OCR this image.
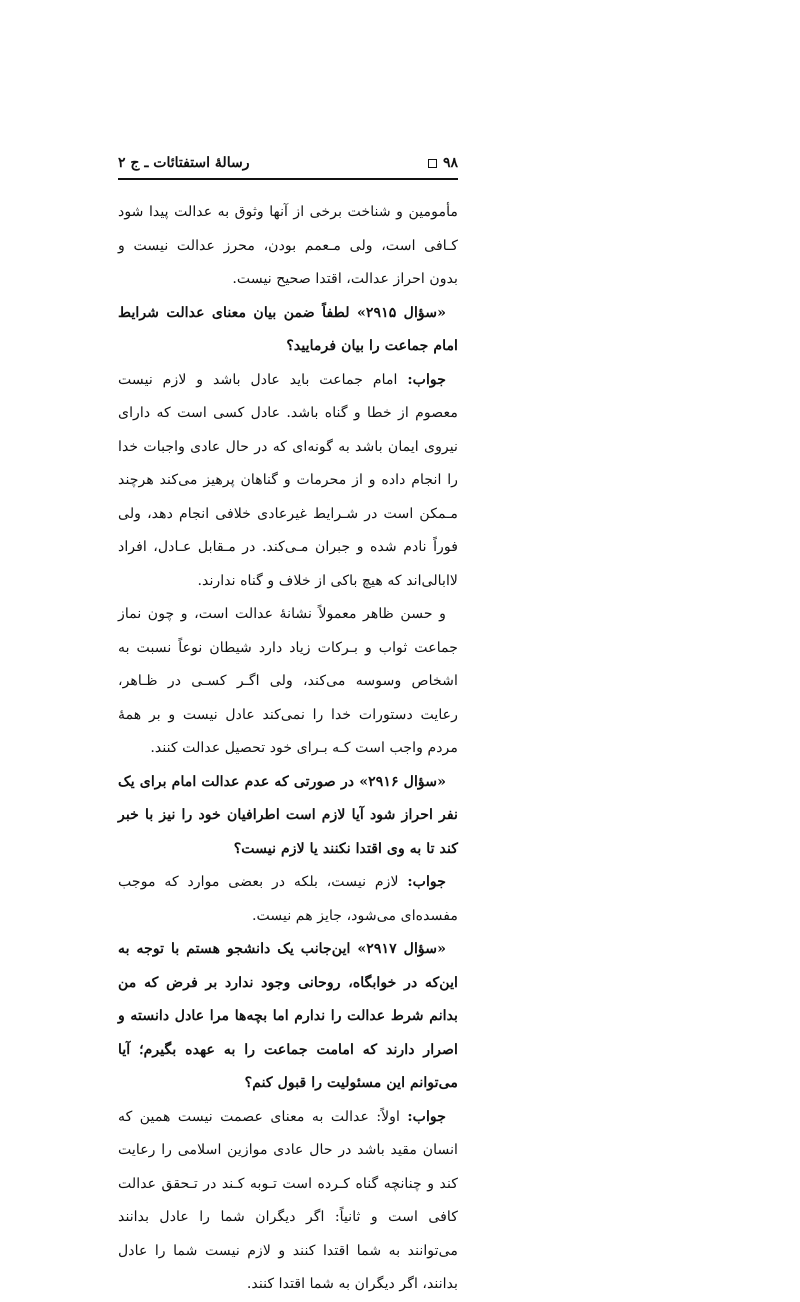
۹۸
رسالهٔ استفتائات ـ ج ۲

مأمومین و شناخت برخی از آنها وثوق به عدالت پیدا شود کـافی است، ولی مـعمم بودن، محرز عدالت نیست و بدون احراز عدالت، اقتدا صحیح نیست.

«سؤال ۲۹۱۵» لطفاً ضمن بیان معنای عدالت شرایط امام جماعت را بیان فرمایید؟

جواب: امام جماعت باید عادل باشد و لازم نیست معصوم از خطا و گناه باشد. عادل کسی است که دارای نیروی ایمان باشد به گونه‌ای که در حال عادی واجبات خدا را انجام داده و از محرمات و گناهان پرهیز می‌کند هرچند مـمکن است در شـرایط غیرعادی خلافی انجام دهد، ولی فوراً نادم شده و جبران مـی‌کند. در مـقابل عـادل، افراد لاابالی‌اند که هیچ باکی از خلاف و گناه ندارند.

و حسن ظاهر معمولاً نشانهٔ عدالت است، و چون نماز جماعت ثواب و بـرکات زیاد دارد شیطان نوعاً نسبت به اشخاص وسوسه می‌کند، ولی اگـر کسـی در ظـاهر، رعایت دستورات خدا را نمی‌کند عادل نیست و بر همهٔ مردم واجب است کـه بـرای خود تحصیل عدالت کنند.

«سؤال ۲۹۱۶» در صورتی که عدم عدالت امام برای یک نفر احراز شود آیا لازم است اطرافیان خود را نیز با خبر کند تا به وی اقتدا نکنند یا لازم نیست؟

جواب: لازم نیست، بلکه در بعضی موارد که موجب مفسده‌ای می‌شود، جایز هم نیست.

«سؤال ۲۹۱۷» این‌جانب یک دانشجو هستم با توجه به این‌که در خوابگاه، روحانی وجود ندارد بر فرض که من بدانم شرط عدالت را ندارم اما بچه‌ها مرا عادل دانسته و اصرار دارند که امامت جماعت را به عهده بگیرم؛ آیا می‌توانم این مسئولیت را قبول کنم؟

جواب: اولاً: عدالت به معنای عصمت نیست همین که انسان مقید باشد در حال عادی موازین اسلامی را رعایت کند و چنانچه گناه کـرده است تـوبه کـند در تـحقق عدالت کافی است و ثانیاً: اگر دیگران شما را عادل بدانند می‌توانند به شما اقتدا کنند و لازم نیست شما را عادل بدانند، اگر دیگران به شما اقتدا کنند.
